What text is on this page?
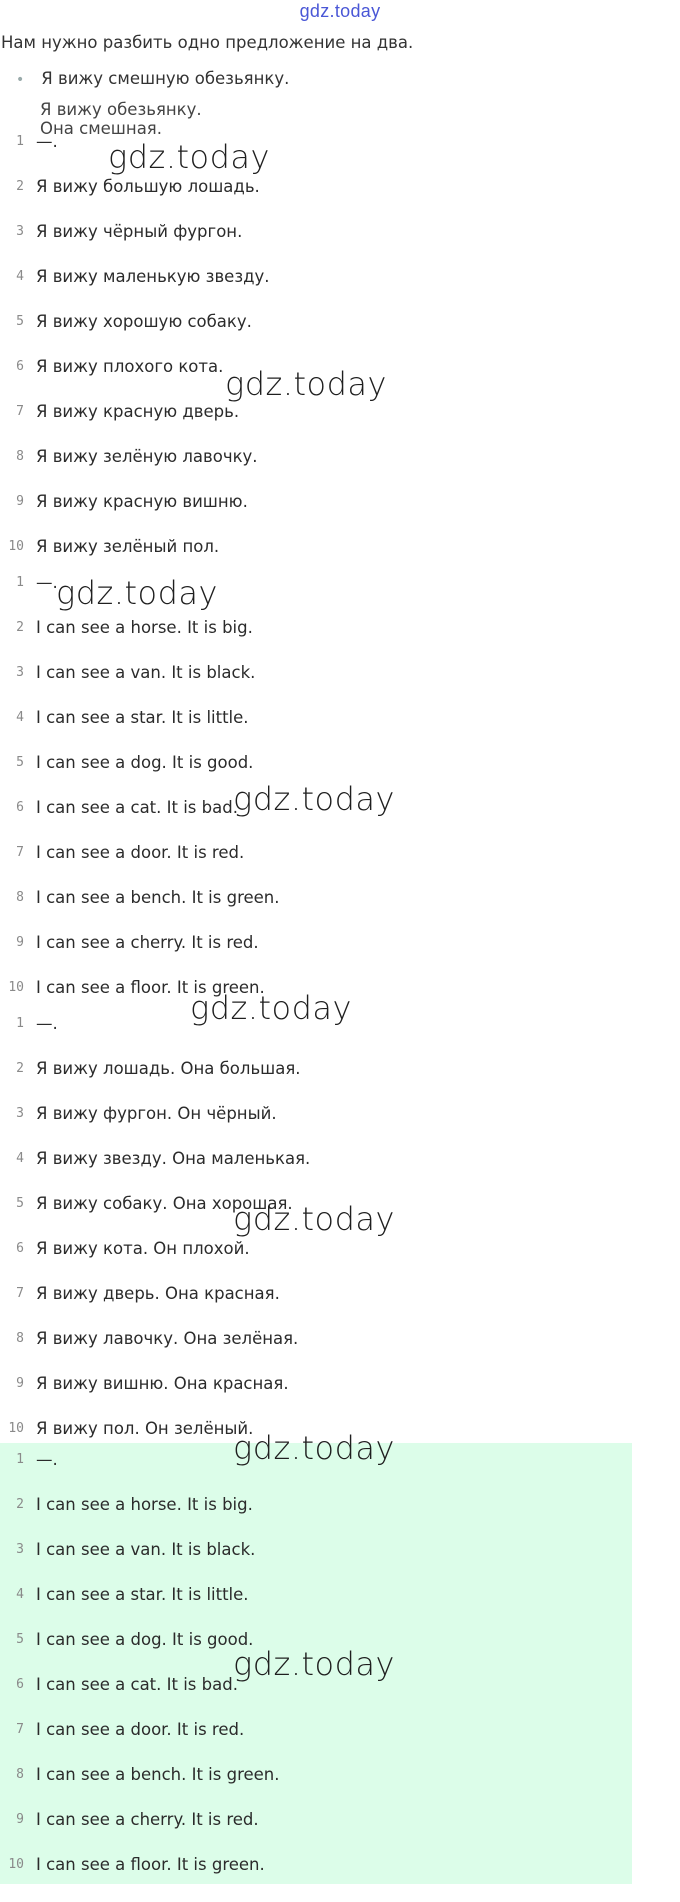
gdz.today
Нам нужно разбить одно предложение на два.
• Я вижу смешную обезьянку.
Я вижу обезьянку. Она смешная.
1 —.
2 Я вижу большую лошадь.
3 Я вижу чёрный фургон.
4 Я вижу маленькую звезду.
5 Я вижу хорошую собаку.
6 Я вижу плохого кота.
7 Я вижу красную дверь.
8 Я вижу зелёную лавочку.
9 Я вижу красную вишню.
10 Я вижу зелёный пол.
1 —.
2 I can see a horse. It is big.
3 I can see a van. It is black.
4 I can see a star. It is little.
5 I can see a dog. It is good.
6 I can see a cat. It is bad.
7 I can see a door. It is red.
8 I can see a bench. It is green.
9 I can see a cherry. It is red.
10 I can see a floor. It is green.
1 —.
2 Я вижу лошадь. Она большая.
3 Я вижу фургон. Он чёрный.
4 Я вижу звезду. Она маленькая.
5 Я вижу собаку. Она хорошая.
6 Я вижу кота. Он плохой.
7 Я вижу дверь. Она красная.
8 Я вижу лавочку. Она зелёная.
9 Я вижу вишню. Она красная.
10 Я вижу пол. Он зелёный.
1 —.
2 I can see a horse. It is big.
3 I can see a van. It is black.
4 I can see a star. It is little.
5 I can see a dog. It is good.
6 I can see a cat. It is bad.
7 I can see a door. It is red.
8 I can see a bench. It is green.
9 I can see a cherry. It is red.
10 I can see a floor. It is green.
gdz.today
gdz.today
gdz.today
gdz.today
gdz.today
gdz.today
gdz.today
gdz.today
